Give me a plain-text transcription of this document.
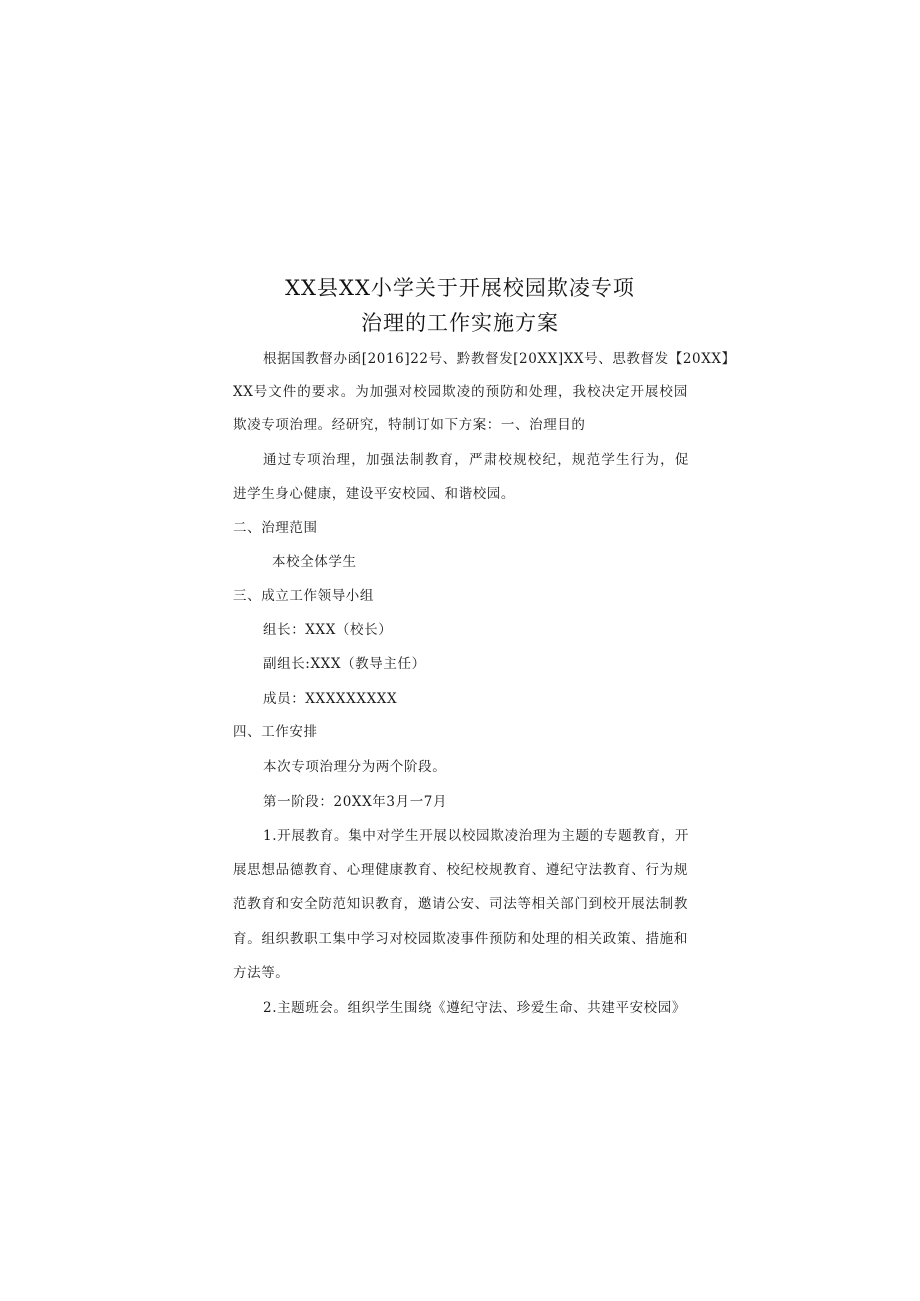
XX县XX小学关于开展校园欺凌专项
治理的工作实施方案
根据国教督办函[2016]22号、黔教督发[20XX]XX号、思教督发【20XX】
XX号文件的要求。为加强对校园欺凌的预防和处理，我校决定开展校园
欺凌专项治理。经研究，特制订如下方案：一、治理目的
通过专项治理，加强法制教育，严肃校规校纪，规范学生行为，促
进学生身心健康，建设平安校园、和谐校园。
二、治理范围
本校全体学生
三、成立工作领导小组
组长：XXX（校长）
副组长:XXX（教导主任）
成员：XXXXXXXXX
四、工作安排
本次专项治理分为两个阶段。
第一阶段：20XX年3月一7月
1.开展教育。集中对学生开展以校园欺凌治理为主题的专题教育，开
展思想品德教育、心理健康教育、校纪校规教育、遵纪守法教育、行为规
范教育和安全防范知识教育，邀请公安、司法等相关部门到校开展法制教
育。组织教职工集中学习对校园欺凌事件预防和处理的相关政策、措施和
方法等。
2.主题班会。组织学生围绕《遵纪守法、珍爱生命、共建平安校园》
